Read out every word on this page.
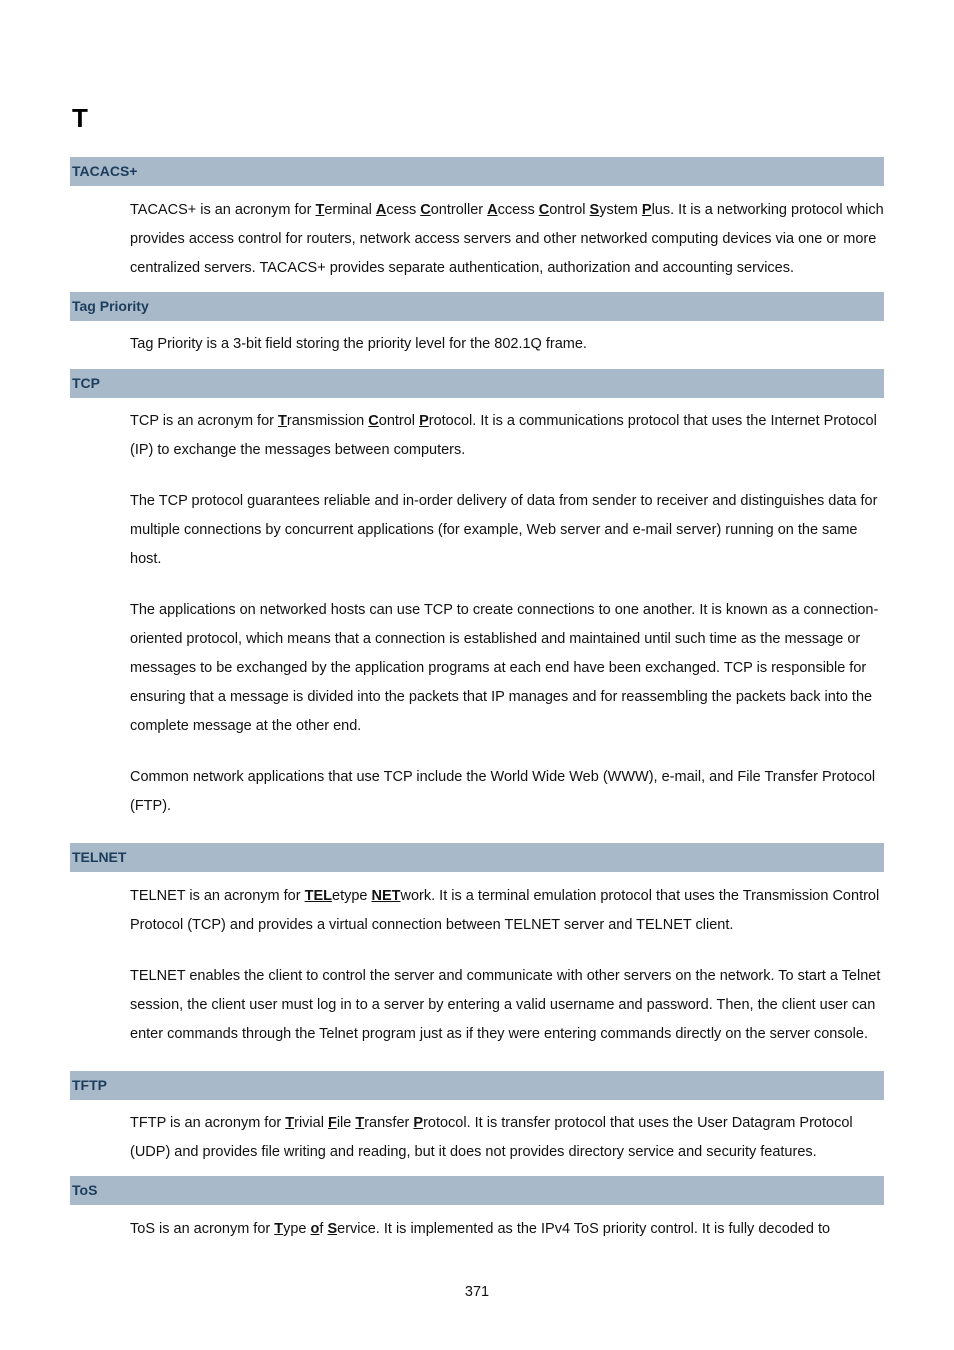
T
TACACS+

TACACS+ is an acronym for Terminal Acess Controller Access Control System Plus. It is a networking protocol which provides access control for routers, network access servers and other networked computing devices via one or more centralized servers. TACACS+ provides separate authentication, authorization and accounting services.

Tag Priority

Tag Priority is a 3-bit field storing the priority level for the 802.1Q frame.

TCP

TCP is an acronym for Transmission Control Protocol. It is a communications protocol that uses the Internet Protocol (IP) to exchange the messages between computers.

The TCP protocol guarantees reliable and in-order delivery of data from sender to receiver and distinguishes data for multiple connections by concurrent applications (for example, Web server and e-mail server) running on the same host.

The applications on networked hosts can use TCP to create connections to one another. It is known as a connection-oriented protocol, which means that a connection is established and maintained until such time as the message or messages to be exchanged by the application programs at each end have been exchanged. TCP is responsible for ensuring that a message is divided into the packets that IP manages and for reassembling the packets back into the complete message at the other end.

Common network applications that use TCP include the World Wide Web (WWW), e-mail, and File Transfer Protocol (FTP).

TELNET

TELNET is an acronym for TELetype NETwork. It is a terminal emulation protocol that uses the Transmission Control Protocol (TCP) and provides a virtual connection between TELNET server and TELNET client.

TELNET enables the client to control the server and communicate with other servers on the network. To start a Telnet session, the client user must log in to a server by entering a valid username and password. Then, the client user can enter commands through the Telnet program just as if they were entering commands directly on the server console.

TFTP

TFTP is an acronym for Trivial File Transfer Protocol. It is transfer protocol that uses the User Datagram Protocol (UDP) and provides file writing and reading, but it does not provides directory service and security features.

ToS

ToS is an acronym for Type of Service. It is implemented as the IPv4 ToS priority control. It is fully decoded to

371
